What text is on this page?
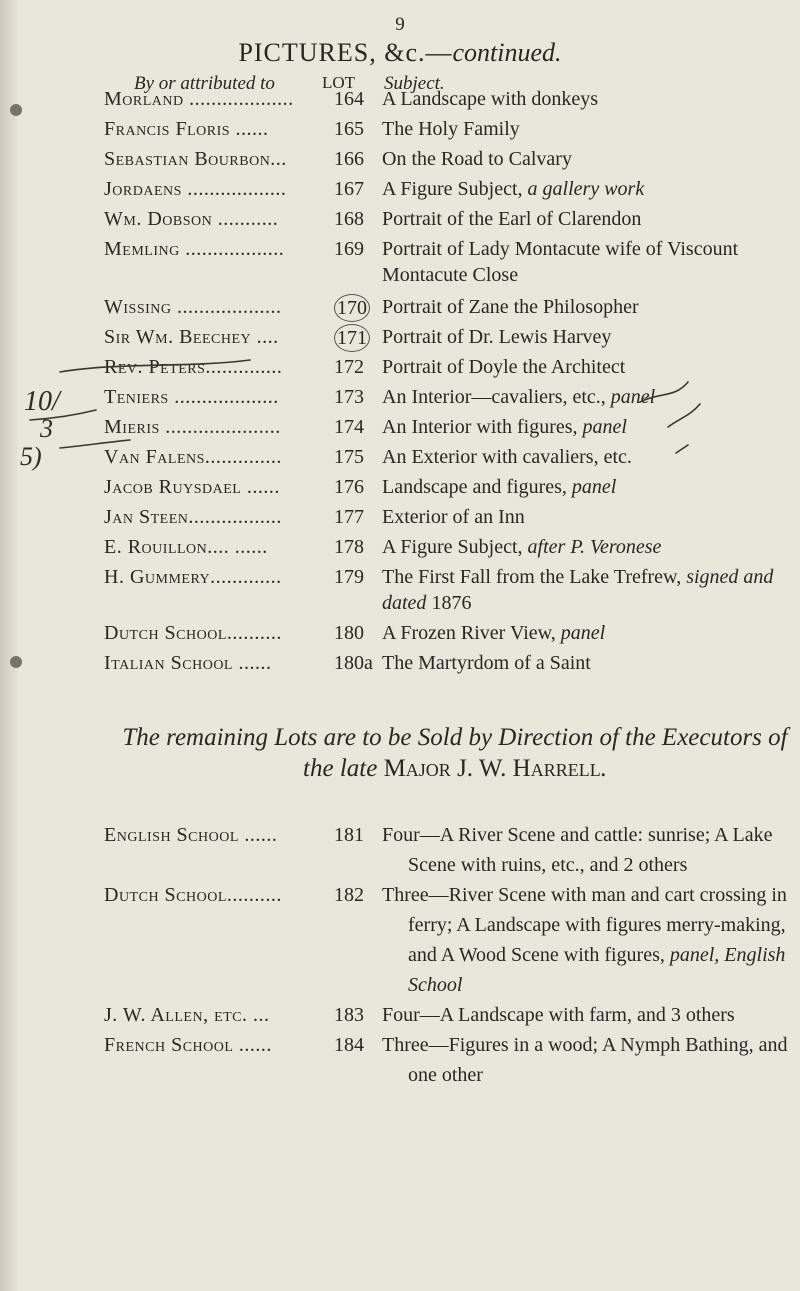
9
PICTURES, &c.—continued.
By or attributed to	LOT Subject.
Morland ...................	164 A Landscape with donkeys
Francis Floris ......	165 The Holy Family
Sebastian Bourbon...	166 On the Road to Calvary
Jordaens ..................	167 A Figure Subject, a gallery work
Wm. Dobson ...........	168 Portrait of the Earl of Clarendon
Memling ..................	169 Portrait of Lady Montacute wife of Viscount Montacute Close
Wissing ...................	170 Portrait of Zane the Philosopher
Sir Wm. Beechey ....	171 Portrait of Dr. Lewis Harvey
Rev. Peters..............	172 Portrait of Doyle the Architect
Teniers ...................	173 An Interior—cavaliers, etc., panel
Mieris .....................	174 An Interior with figures, panel
Van Falens..............	175 An Exterior with cavaliers, etc.
Jacob Ruysdael ......	176 Landscape and figures, panel
Jan Steen.................	177 Exterior of an Inn
E. Rouillon.... ......	178 A Figure Subject, after P. Veronese
H. Gummery.............	179 The First Fall from the Lake Trefrew, signed and dated 1876
Dutch School..........	180 A Frozen River View, panel
Italian School ......	180a The Martyrdom of a Saint
10/
3
5)
The remaining Lots are to be Sold by Direction of the Executors of the late Major J. W. Harrell.
English School ......	181 Four—A River Scene and cattle: sunrise; A Lake Scene with ruins, etc., and 2 others
Dutch School..........	182 Three—River Scene with man and cart crossing in ferry; A Landscape with figures merry-making, and A Wood Scene with figures, panel, English School
J. W. Allen, etc. ...	183 Four—A Landscape with farm, and 3 others
French School ......	184 Three—Figures in a wood; A Nymph Bathing, and one other
